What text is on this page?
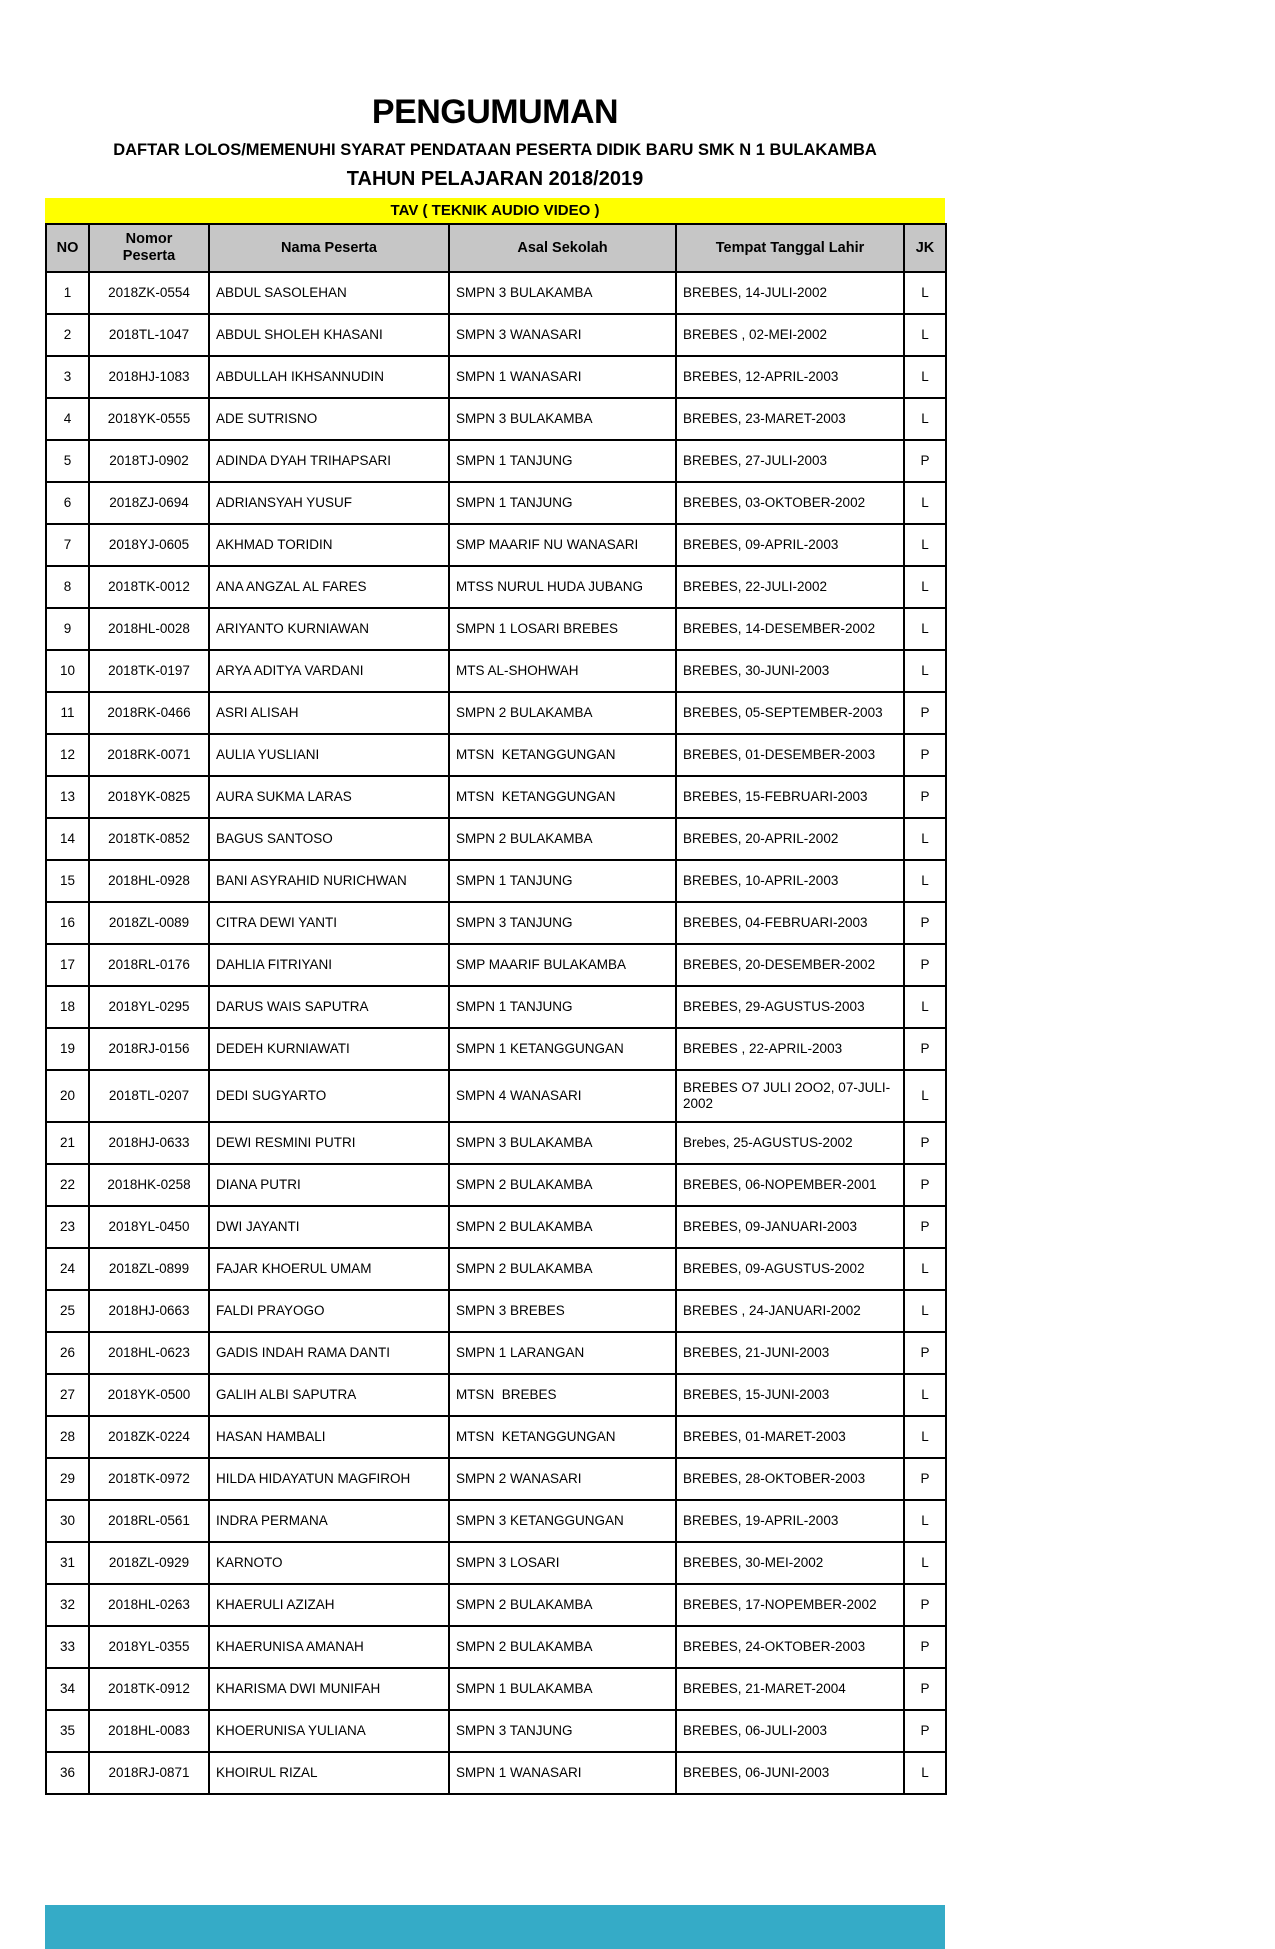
PENGUMUMAN
DAFTAR LOLOS/MEMENUHI SYARAT PENDATAAN PESERTA DIDIK BARU SMK N 1 BULAKAMBA
TAHUN PELAJARAN 2018/2019
TAV ( TEKNIK AUDIO VIDEO )
NO	Nomor Peserta	Nama Peserta	Asal Sekolah	Tempat Tanggal Lahir	JK
1	2018ZK-0554	ABDUL SASOLEHAN	SMPN 3 BULAKAMBA	BREBES, 14-JULI-2002	L
2	2018TL-1047	ABDUL SHOLEH KHASANI	SMPN 3 WANASARI	BREBES , 02-MEI-2002	L
3	2018HJ-1083	ABDULLAH IKHSANNUDIN	SMPN 1 WANASARI	BREBES, 12-APRIL-2003	L
4	2018YK-0555	ADE SUTRISNO	SMPN 3 BULAKAMBA	BREBES, 23-MARET-2003	L
5	2018TJ-0902	ADINDA DYAH TRIHAPSARI	SMPN 1 TANJUNG	BREBES, 27-JULI-2003	P
6	2018ZJ-0694	ADRIANSYAH YUSUF	SMPN 1 TANJUNG	BREBES, 03-OKTOBER-2002	L
7	2018YJ-0605	AKHMAD TORIDIN	SMP MAARIF NU WANASARI	BREBES, 09-APRIL-2003	L
8	2018TK-0012	ANA ANGZAL AL FARES	MTSS NURUL HUDA JUBANG	BREBES, 22-JULI-2002	L
9	2018HL-0028	ARIYANTO KURNIAWAN	SMPN 1 LOSARI BREBES	BREBES, 14-DESEMBER-2002	L
10	2018TK-0197	ARYA ADITYA VARDANI	MTS AL-SHOHWAH	BREBES, 30-JUNI-2003	L
11	2018RK-0466	ASRI ALISAH	SMPN 2 BULAKAMBA	BREBES, 05-SEPTEMBER-2003	P
12	2018RK-0071	AULIA YUSLIANI	MTSN  KETANGGUNGAN	BREBES, 01-DESEMBER-2003	P
13	2018YK-0825	AURA SUKMA LARAS	MTSN  KETANGGUNGAN	BREBES, 15-FEBRUARI-2003	P
14	2018TK-0852	BAGUS SANTOSO	SMPN 2 BULAKAMBA	BREBES, 20-APRIL-2002	L
15	2018HL-0928	BANI ASYRAHID NURICHWAN	SMPN 1 TANJUNG	BREBES, 10-APRIL-2003	L
16	2018ZL-0089	CITRA DEWI YANTI	SMPN 3 TANJUNG	BREBES, 04-FEBRUARI-2003	P
17	2018RL-0176	DAHLIA FITRIYANI	SMP MAARIF BULAKAMBA	BREBES, 20-DESEMBER-2002	P
18	2018YL-0295	DARUS WAIS SAPUTRA	SMPN 1 TANJUNG	BREBES, 29-AGUSTUS-2003	L
19	2018RJ-0156	DEDEH KURNIAWATI	SMPN 1 KETANGGUNGAN	BREBES , 22-APRIL-2003	P
20	2018TL-0207	DEDI SUGYARTO	SMPN 4 WANASARI	BREBES O7 JULI 2OO2, 07-JULI-2002	L
21	2018HJ-0633	DEWI RESMINI PUTRI	SMPN 3 BULAKAMBA	Brebes, 25-AGUSTUS-2002	P
22	2018HK-0258	DIANA PUTRI	SMPN 2 BULAKAMBA	BREBES, 06-NOPEMBER-2001	P
23	2018YL-0450	DWI JAYANTI	SMPN 2 BULAKAMBA	BREBES, 09-JANUARI-2003	P
24	2018ZL-0899	FAJAR KHOERUL UMAM	SMPN 2 BULAKAMBA	BREBES, 09-AGUSTUS-2002	L
25	2018HJ-0663	FALDI PRAYOGO	SMPN 3 BREBES	BREBES , 24-JANUARI-2002	L
26	2018HL-0623	GADIS INDAH RAMA DANTI	SMPN 1 LARANGAN	BREBES, 21-JUNI-2003	P
27	2018YK-0500	GALIH ALBI SAPUTRA	MTSN  BREBES	BREBES, 15-JUNI-2003	L
28	2018ZK-0224	HASAN HAMBALI	MTSN  KETANGGUNGAN	BREBES, 01-MARET-2003	L
29	2018TK-0972	HILDA HIDAYATUN MAGFIROH	SMPN 2 WANASARI	BREBES, 28-OKTOBER-2003	P
30	2018RL-0561	INDRA PERMANA	SMPN 3 KETANGGUNGAN	BREBES, 19-APRIL-2003	L
31	2018ZL-0929	KARNOTO	SMPN 3 LOSARI	BREBES, 30-MEI-2002	L
32	2018HL-0263	KHAERULI AZIZAH	SMPN 2 BULAKAMBA	BREBES, 17-NOPEMBER-2002	P
33	2018YL-0355	KHAERUNISA AMANAH	SMPN 2 BULAKAMBA	BREBES, 24-OKTOBER-2003	P
34	2018TK-0912	KHARISMA DWI MUNIFAH	SMPN 1 BULAKAMBA	BREBES, 21-MARET-2004	P
35	2018HL-0083	KHOERUNISA YULIANA	SMPN 3 TANJUNG	BREBES, 06-JULI-2003	P
36	2018RJ-0871	KHOIRUL RIZAL	SMPN 1 WANASARI	BREBES, 06-JUNI-2003	L
